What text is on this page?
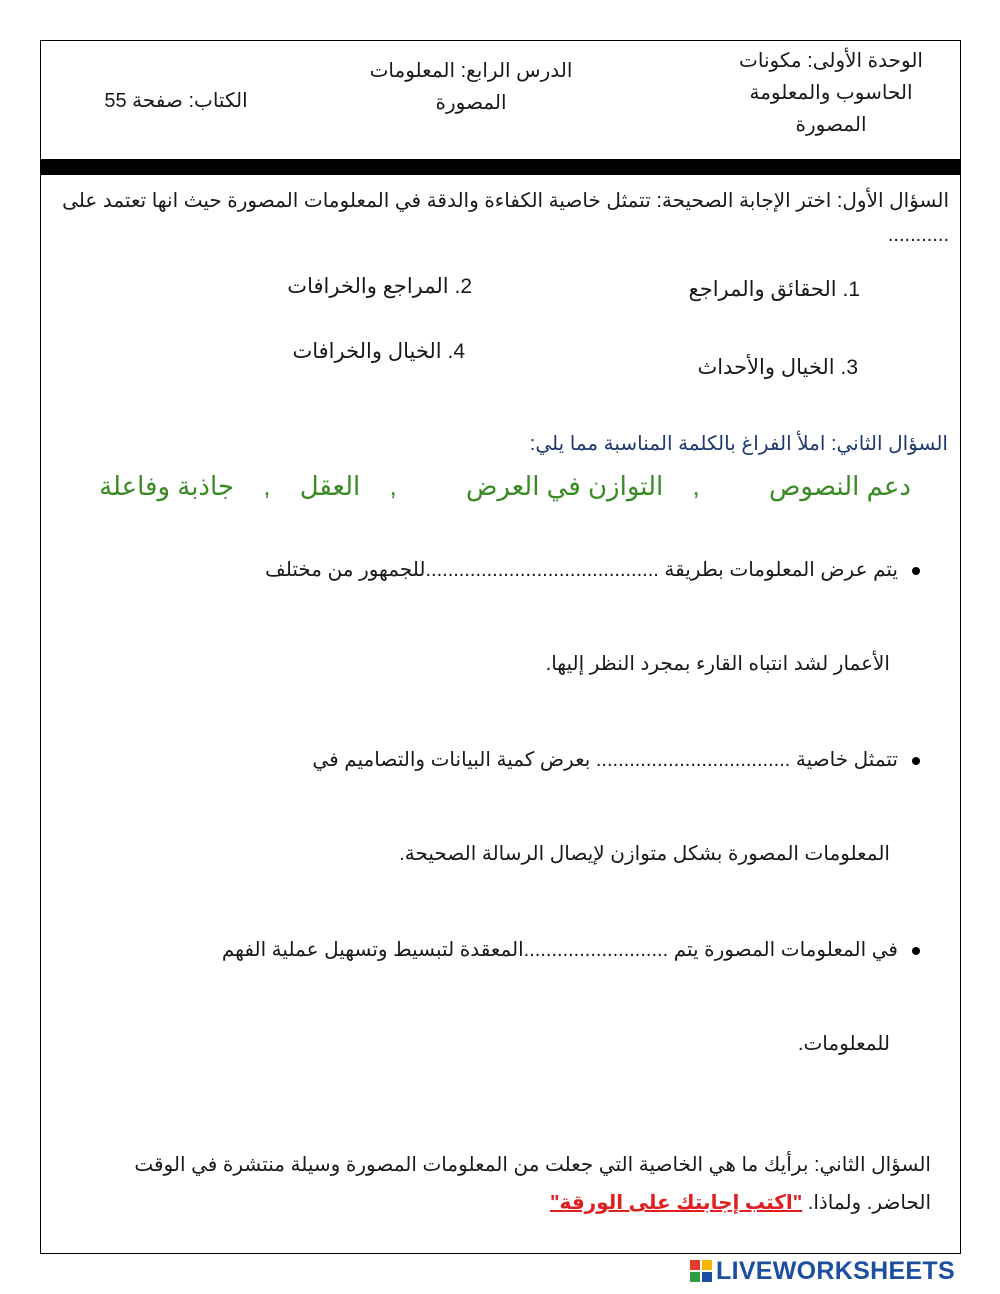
الوحدة الأولى: مكونات
الحاسوب والمعلومة
المصورة
الدرس الرابع: المعلومات
المصورة
الكتاب: صفحة 55
السؤال الأول: اختر الإجابة الصحيحة: تتمثل خاصية الكفاءة والدقة في المعلومات المصورة حيث انها تعتمد على ...........
1. الحقائق والمراجع
2. المراجع والخرافات
3. الخيال والأحداث
4. الخيال والخرافات
السؤال الثاني: املأ الفراغ بالكلمة المناسبة مما يلي:
دعم النصوص , التوازن في العرض , العقل , جاذبة وفاعلة
يتم عرض المعلومات بطريقة ..........................................للجمهور من مختلف
الأعمار لشد انتباه القارء بمجرد النظر إليها.
تتمثل خاصية ................................... بعرض كمية البيانات والتصاميم في
المعلومات المصورة بشكل متوازن لإيصال الرسالة الصحيحة.
في المعلومات المصورة يتم ..........................المعقدة لتبسيط وتسهيل عملية الفهم
للمعلومات.
السؤال الثاني: برأيك ما هي الخاصية التي جعلت من المعلومات المصورة وسيلة منتشرة في الوقت الحاضر. ولماذا. "اكتب إجابتك على الورقة"
LIVEWORKSHEETS
